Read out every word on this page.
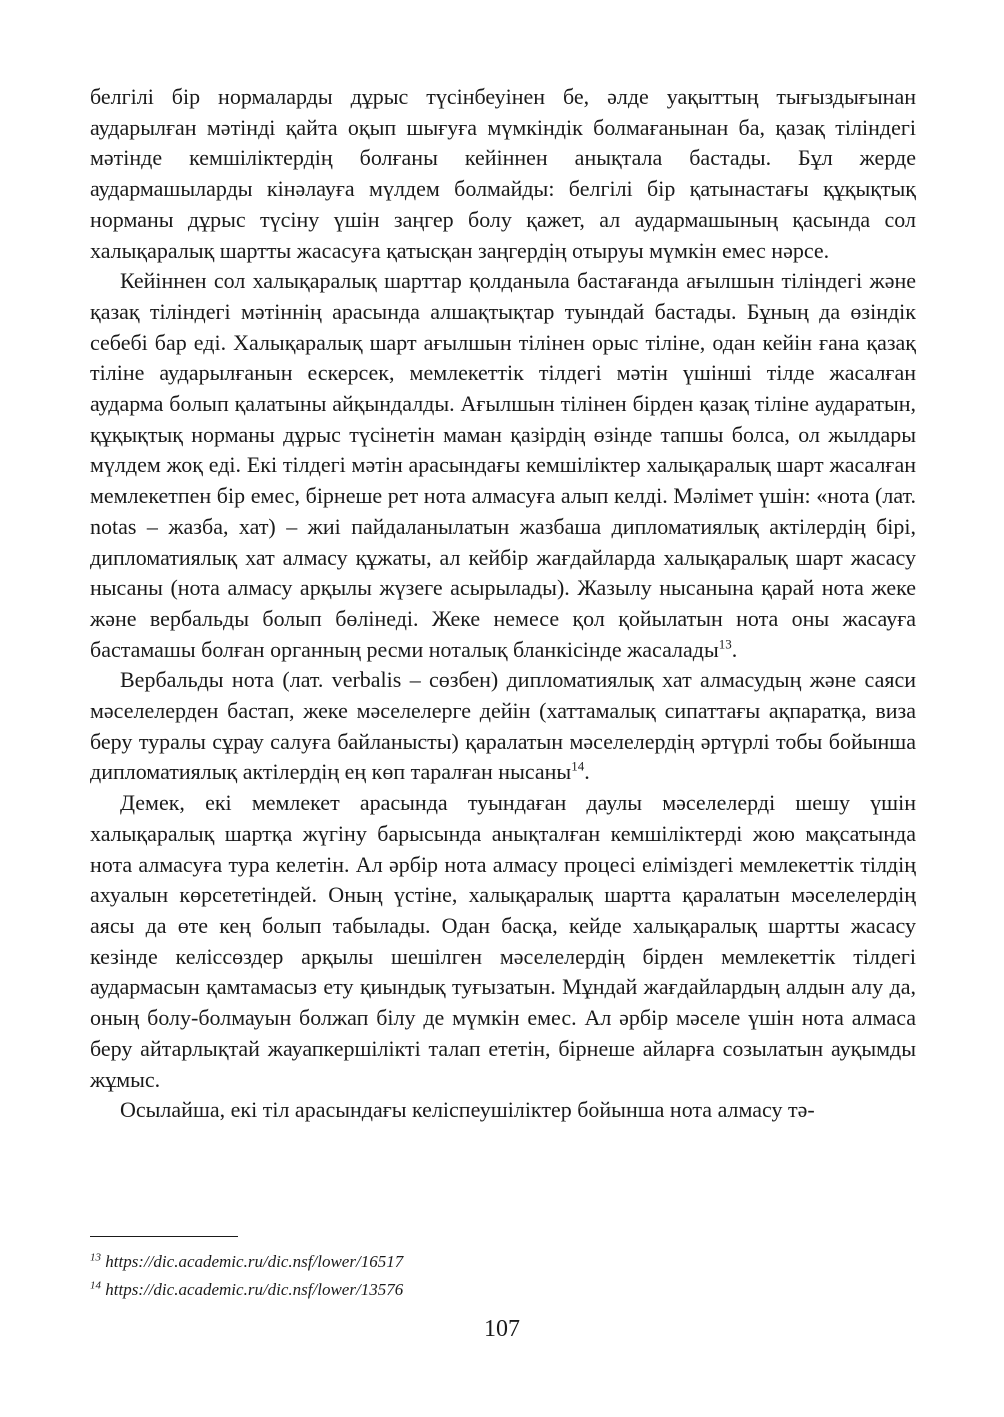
белгілі бір нормаларды дұрыс түсінбеуінен бе, әлде уақыттың тығыздығынан аударылған мәтінді қайта оқып шығуға мүмкіндік болмағанынан ба, қазақ тіліндегі мәтінде кемшіліктердің болғаны кейіннен анықтала бастады. Бұл жерде аудармашыларды кінәлауға мүлдем болмайды: белгілі бір қатынастағы құқықтық норманы дұрыс түсіну үшін заңгер болу қажет, ал аудармашының қасында сол халықаралық шартты жасасуға қатысқан заңгердің отыруы мүмкін емес нәрсе.

Кейіннен сол халықаралық шарттар қолданыла бастағанда ағылшын тіліндегі және қазақ тіліндегі мәтіннің арасында алшақтықтар туындай бастады. Бұның да өзіндік себебі бар еді. Халықаралық шарт ағылшын тілінен орыс тіліне, одан кейін ғана қазақ тіліне аударылғанын ескерсек, мемлекеттік тілдегі мәтін үшінші тілде жасалған аударма болып қалатыны айқындалды. Ағылшын тілінен бірден қазақ тіліне аударатын, құқықтық норманы дұрыс түсінетін маман қазірдің өзінде тапшы болса, ол жылдары мүлдем жоқ еді. Екі тілдегі мәтін арасындағы кемшіліктер халықаралық шарт жасалған мемлекетпен бір емес, бірнеше рет нота алмасуға алып келді. Мәлімет үшін: «нота (лат. notas – жазба, хат) – жиі пайдаланылатын жазбаша дипломатиялық актілердің бірі, дипломатиялық хат алмасу құжаты, ал кейбір жағдайларда халықаралық шарт жасасу нысаны (нота алмасу арқылы жүзеге асырылады). Жазылу нысанына қарай нота жеке және вербальды болып бөлінеді. Жеке немесе қол қойылатын нота оны жасауға бастамашы болған органның ресми ноталық бланкісінде жасалады$^{13}$.

Вербальды нота (лат. verbalis – сөзбен) дипломатиялық хат алмасудың және саяси мәселелерден бастап, жеке мәселелерге дейін (хаттамалық сипаттағы ақпаратқа, виза беру туралы сұрау салуға байланысты) қаралатын мәселелердің әртүрлі тобы бойынша дипломатиялық актілердің ең көп таралған нысаны$^{14}$.

Демек, екі мемлекет арасында туындаған даулы мәселелерді шешу үшін халықаралық шартқа жүгіну барысында анықталған кемшіліктерді жою мақсатында нота алмасуға тура келетін. Ал әрбір нота алмасу процесі еліміздегі мемлекеттік тілдің ахуалын көрсететіндей. Оның үстіне, халықаралық шартта қаралатын мәселелердің аясы да өте кең болып табылады. Одан басқа, кейде халықаралық шартты жасасу кезінде келіссөздер арқылы шешілген мәселелердің бірден мемлекеттік тілдегі аудармасын қамтамасыз ету қиындық туғызатын. Мұндай жағдайлардың алдын алу да, оның болу-болмауын болжап білу де мүмкін емес. Ал әрбір мәселе үшін нота алмаса беру айтарлықтай жауапкершілікті талап ететін, бірнеше айларға созылатын ауқымды жұмыс.

Осылайша, екі тіл арасындағы келіспеушіліктер бойынша нота алмасу тә-

$^{13}$ https://dic.academic.ru/dic.nsf/lower/16517

$^{14}$ https://dic.academic.ru/dic.nsf/lower/13576

107
